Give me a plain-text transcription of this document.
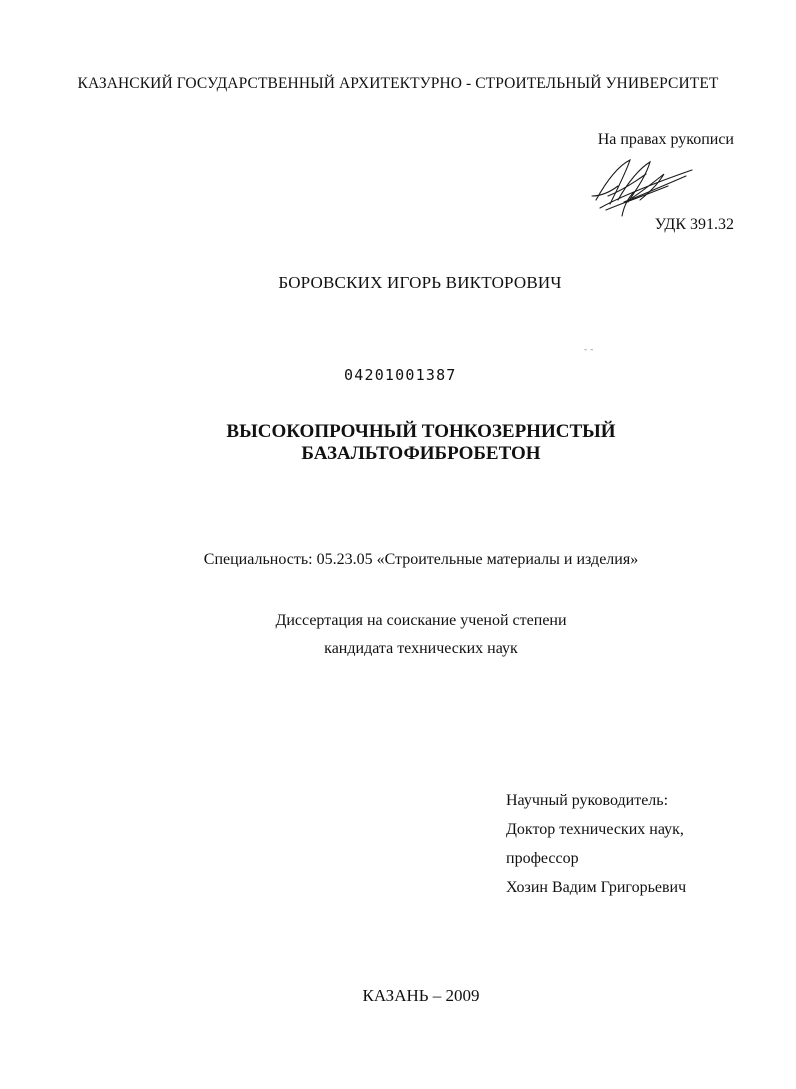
КАЗАНСКИЙ ГОСУДАРСТВЕННЫЙ АРХИТЕКТУРНО - СТРОИТЕЛЬНЫЙ УНИВЕРСИТЕТ
На правах рукописи
УДК 391.32
БОРОВСКИХ ИГОРЬ ВИКТОРОВИЧ
- -
04201001387
ВЫСОКОПРОЧНЫЙ ТОНКОЗЕРНИСТЫЙ
БАЗАЛЬТОФИБРОБЕТОН
Специальность: 05.23.05 «Строительные материалы и изделия»
Диссертация на соискание ученой степени
кандидата технических наук
Научный руководитель:
Доктор технических наук,
профессор
Хозин Вадим Григорьевич
КАЗАНЬ – 2009
